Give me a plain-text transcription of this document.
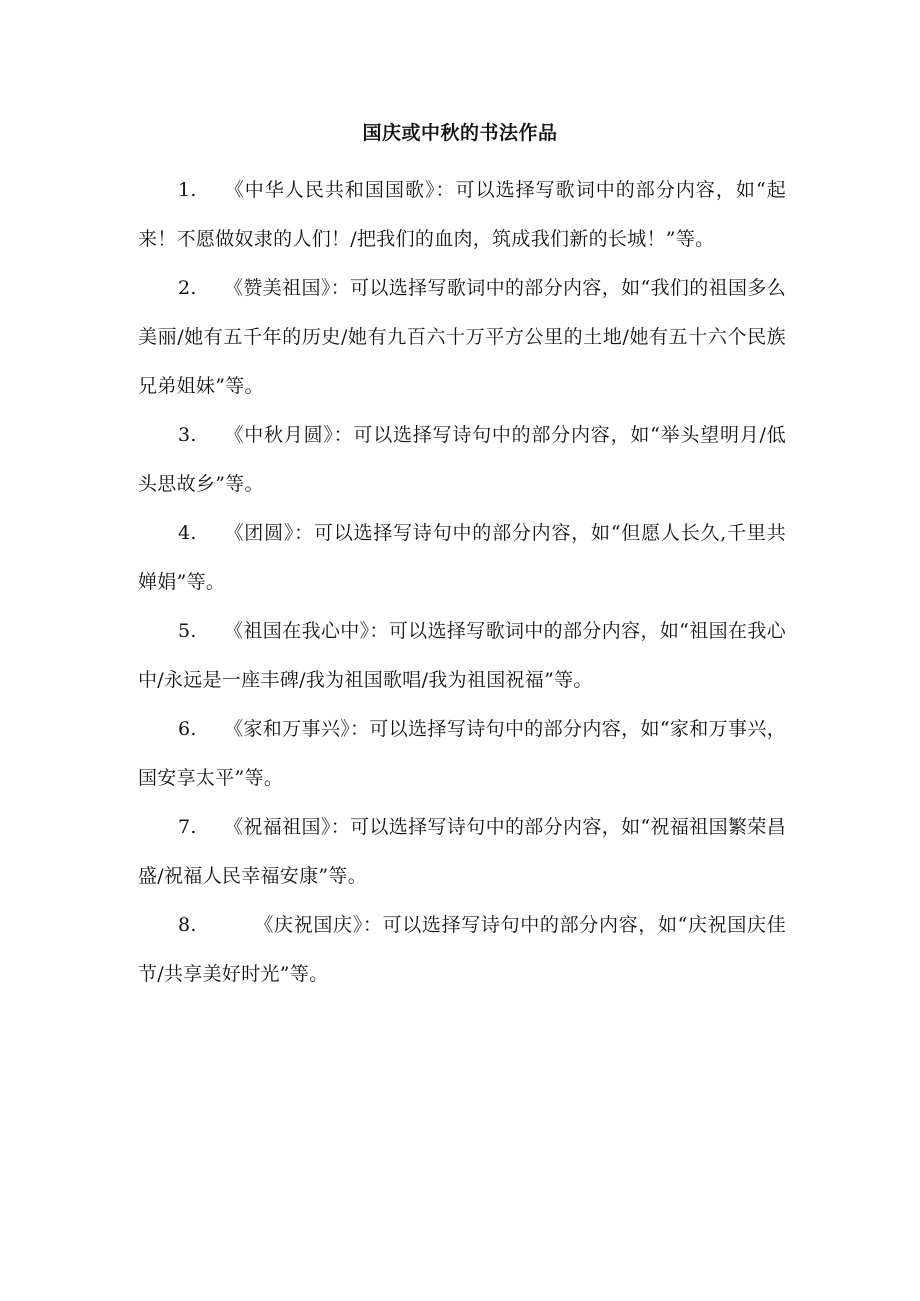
国庆或中秋的书法作品

1. 《中华人民共和国国歌》：可以选择写歌词中的部分内容，如“起来！不愿做奴隶的人们！/把我们的血肉，筑成我们新的长城！”等。

2. 《赞美祖国》：可以选择写歌词中的部分内容，如“我们的祖国多么美丽/她有五千年的历史/她有九百六十万平方公里的土地/她有五十六个民族兄弟姐妹”等。

3. 《中秋月圆》：可以选择写诗句中的部分内容，如“举头望明月/低头思故乡”等。

4. 《团圆》：可以选择写诗句中的部分内容，如“但愿人长久,千里共婵娟”等。

5. 《祖国在我心中》：可以选择写歌词中的部分内容，如“祖国在我心中/永远是一座丰碑/我为祖国歌唱/我为祖国祝福”等。

6. 《家和万事兴》：可以选择写诗句中的部分内容，如“家和万事兴，国安享太平”等。

7. 《祝福祖国》：可以选择写诗句中的部分内容，如“祝福祖国繁荣昌盛/祝福人民幸福安康”等。

8.	《庆祝国庆》：可以选择写诗句中的部分内容，如“庆祝国庆佳节/共享美好时光”等。
